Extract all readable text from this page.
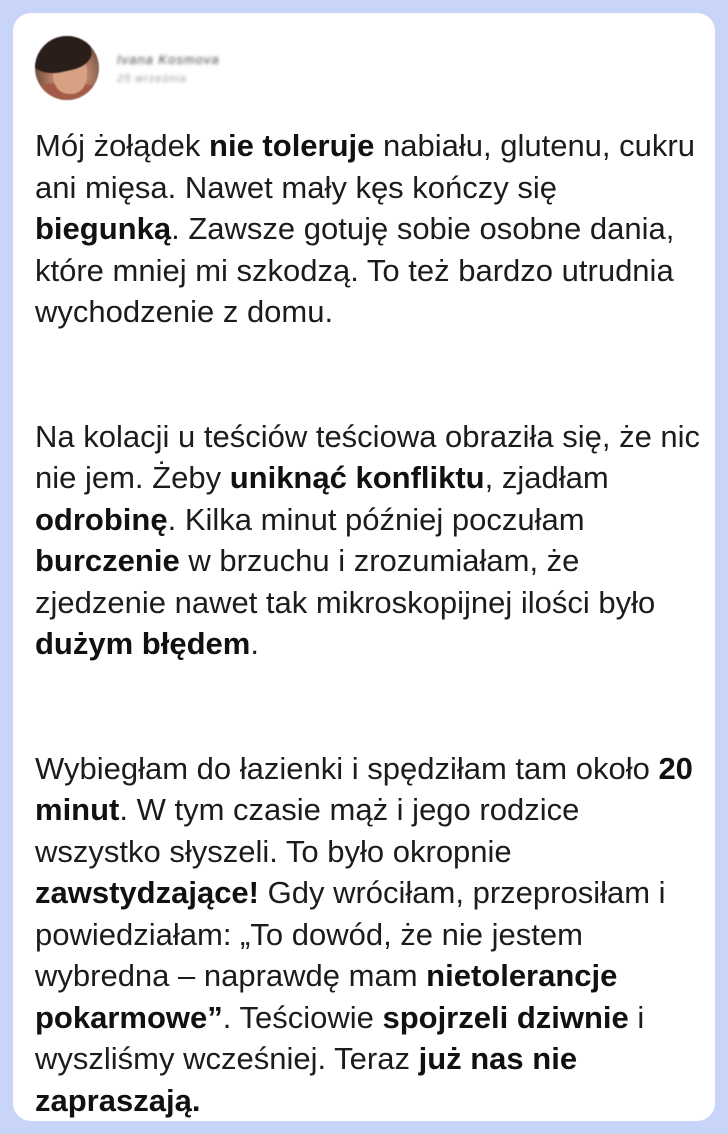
Ivana Kosmova
25 września

Mój żołądek nie toleruje nabiału, glutenu, cukru ani mięsa. Nawet mały kęs kończy się biegunką. Zawsze gotuję sobie osobne dania, które mniej mi szkodzą. To też bardzo utrudnia wychodzenie z domu.

Na kolacji u teściów teściowa obraziła się, że nic nie jem. Żeby uniknąć konfliktu, zjadłam odrobinę. Kilka minut później poczułam burczenie w brzuchu i zrozumiałam, że zjedzenie nawet tak mikroskopijnej ilości było dużym błędem.

Wybiegłam do łazienki i spędziłam tam około 20 minut. W tym czasie mąż i jego rodzice wszystko słyszeli. To było okropnie zawstydzające! Gdy wróciłam, przeprosiłam i powiedziałam: „To dowód, że nie jestem wybredna – naprawdę mam nietolerancje pokarmowe”. Teściowie spojrzeli dziwnie i wyszliśmy wcześniej. Teraz już nas nie zapraszają.
